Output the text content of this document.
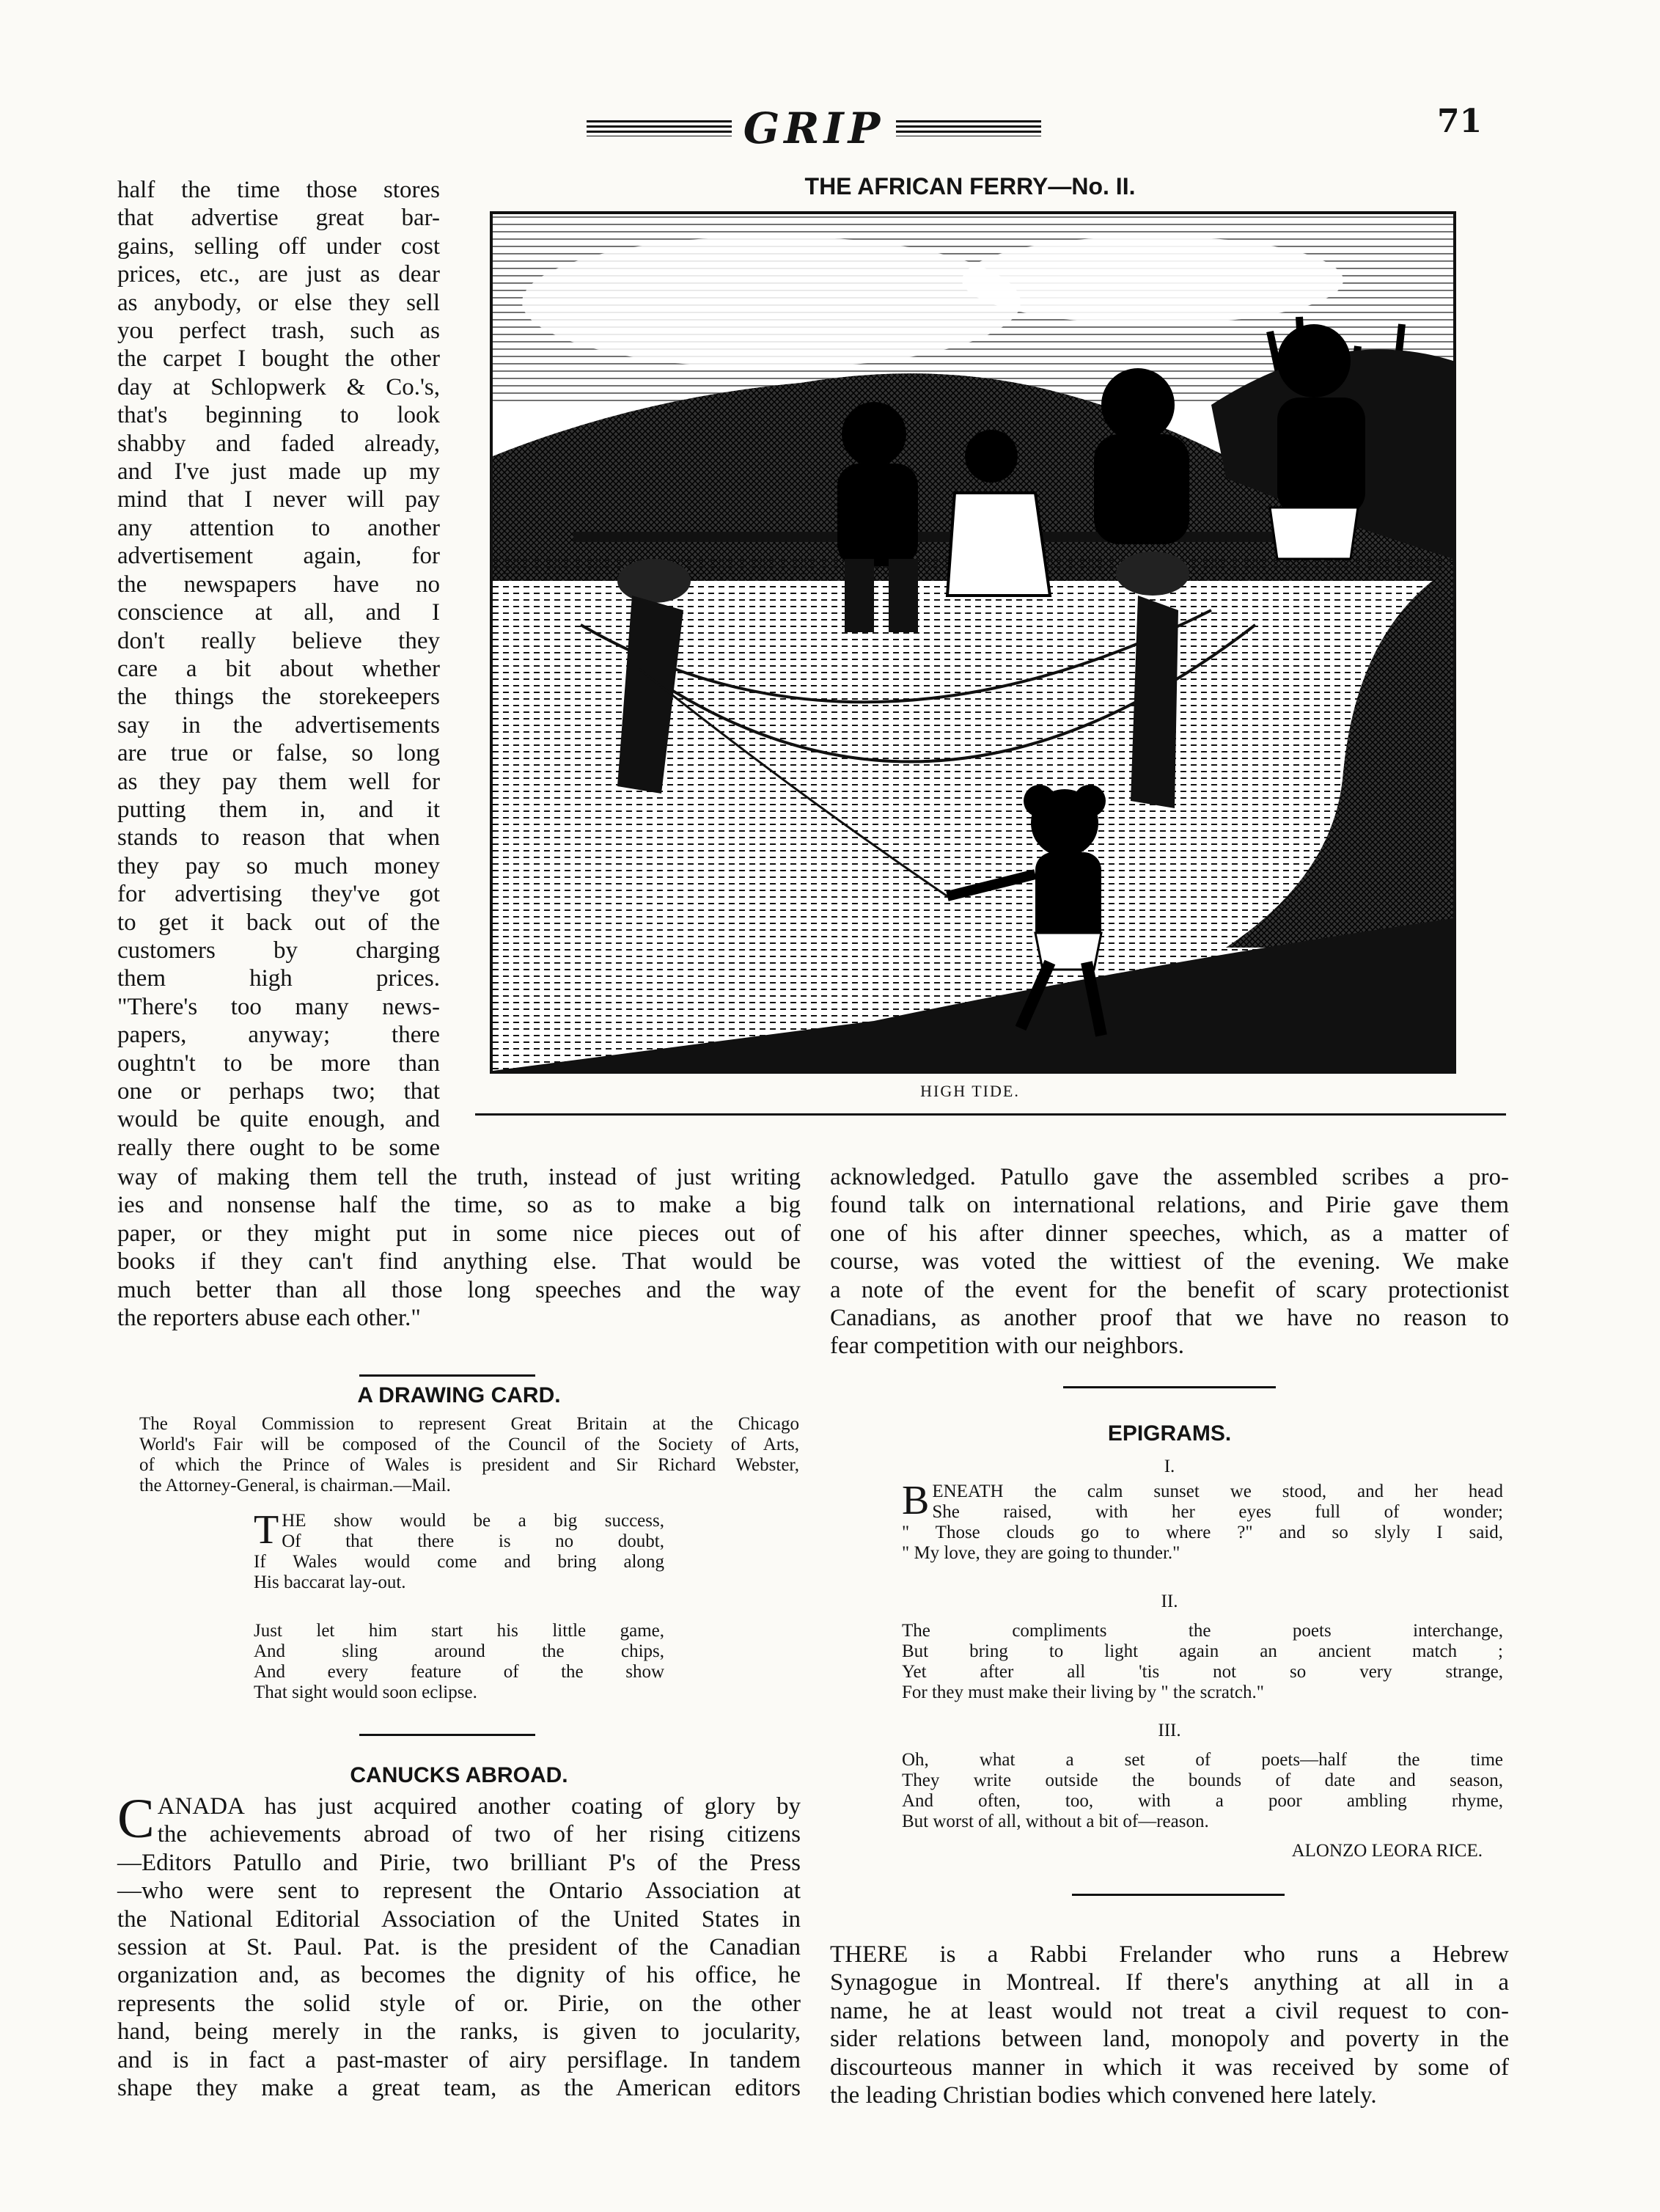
GRIP	71
half the time those stores
that advertise great bar-
gains, selling off under cost
prices, etc., are just as dear
as anybody, or else they sell
you perfect trash, such as
the carpet I bought the other
day at Schlopwerk & Co.'s,
that's beginning to look
shabby and faded already,
and I've just made up my
mind that I never will pay
any attention to another
advertisement again, for
the newspapers have no
conscience at all, and I
don't really believe they
care a bit about whether
the things the storekeepers
say in the advertisements
are true or false, so long
as they pay them well for
putting them in, and it
stands to reason that when
they pay so much money
for advertising they've got
to get it back out of the
customers by charging
them high prices.
"There's too many news-
papers, anyway; there
oughtn't to be more than
one or perhaps two; that
would be quite enough, and
really there ought to be some
way of making them tell the truth, instead of just writing
ies and nonsense half the time, so as to make a big
paper, or they might put in some nice pieces out of
books if they can't find anything else. That would be
much better than all those long speeches and the way
the reporters abuse each other."
THE AFRICAN FERRY—No. II.
HIGH TIDE.
acknowledged. Patullo gave the assembled scribes a pro-
found talk on international relations, and Pirie gave them
one of his after dinner speeches, which, as a matter of
course, was voted the wittiest of the evening. We make
a note of the event for the benefit of scary protectionist
Canadians, as another proof that we have no reason to
fear competition with our neighbors.
A DRAWING CARD.
The Royal Commission to represent Great Britain at the Chicago
World's Fair will be composed of the Council of the Society of Arts,
of which the Prince of Wales is president and Sir Richard Webster,
the Attorney-General, is chairman.—Mail.
T HE show would be a big success,
Of that there is no doubt,
If Wales would come and bring along
His baccarat lay-out.
Just let him start his little game,
And sling around the chips,
And every feature of the show
That sight would soon eclipse.
CANUCKS ABROAD.
C ANADA has just acquired another coating of glory by
the achievements abroad of two of her rising citizens
—Editors Patullo and Pirie, two brilliant P's of the Press
—who were sent to represent the Ontario Association at
the National Editorial Association of the United States in
session at St. Paul. Pat. is the president of the Canadian
organization and, as becomes the dignity of his office, he
represents the solid style of or. Pirie, on the other
hand, being merely in the ranks, is given to jocularity,
and is in fact a past-master of airy persiflage. In tandem
shape they make a great team, as the American editors
EPIGRAMS.
I.
B ENEATH the calm sunset we stood, and her head
She raised, with her eyes full of wonder;
" Those clouds go to where ?" and so slyly I said,
" My love, they are going to thunder."
II.
The compliments the poets interchange,
But bring to light again an ancient match ;
Yet after all 'tis not so very strange,
For they must make their living by " the scratch."
III.
Oh, what a set of poets—half the time
They write outside the bounds of date and season,
And often, too, with a poor ambling rhyme,
But worst of all, without a bit of—reason.
ALONZO LEORA RICE.
THERE is a Rabbi Frelander who runs a Hebrew
Synagogue in Montreal. If there's anything at all in a
name, he at least would not treat a civil request to con-
sider relations between land, monopoly and poverty in the
discourteous manner in which it was received by some of
the leading Christian bodies which convened here lately.
